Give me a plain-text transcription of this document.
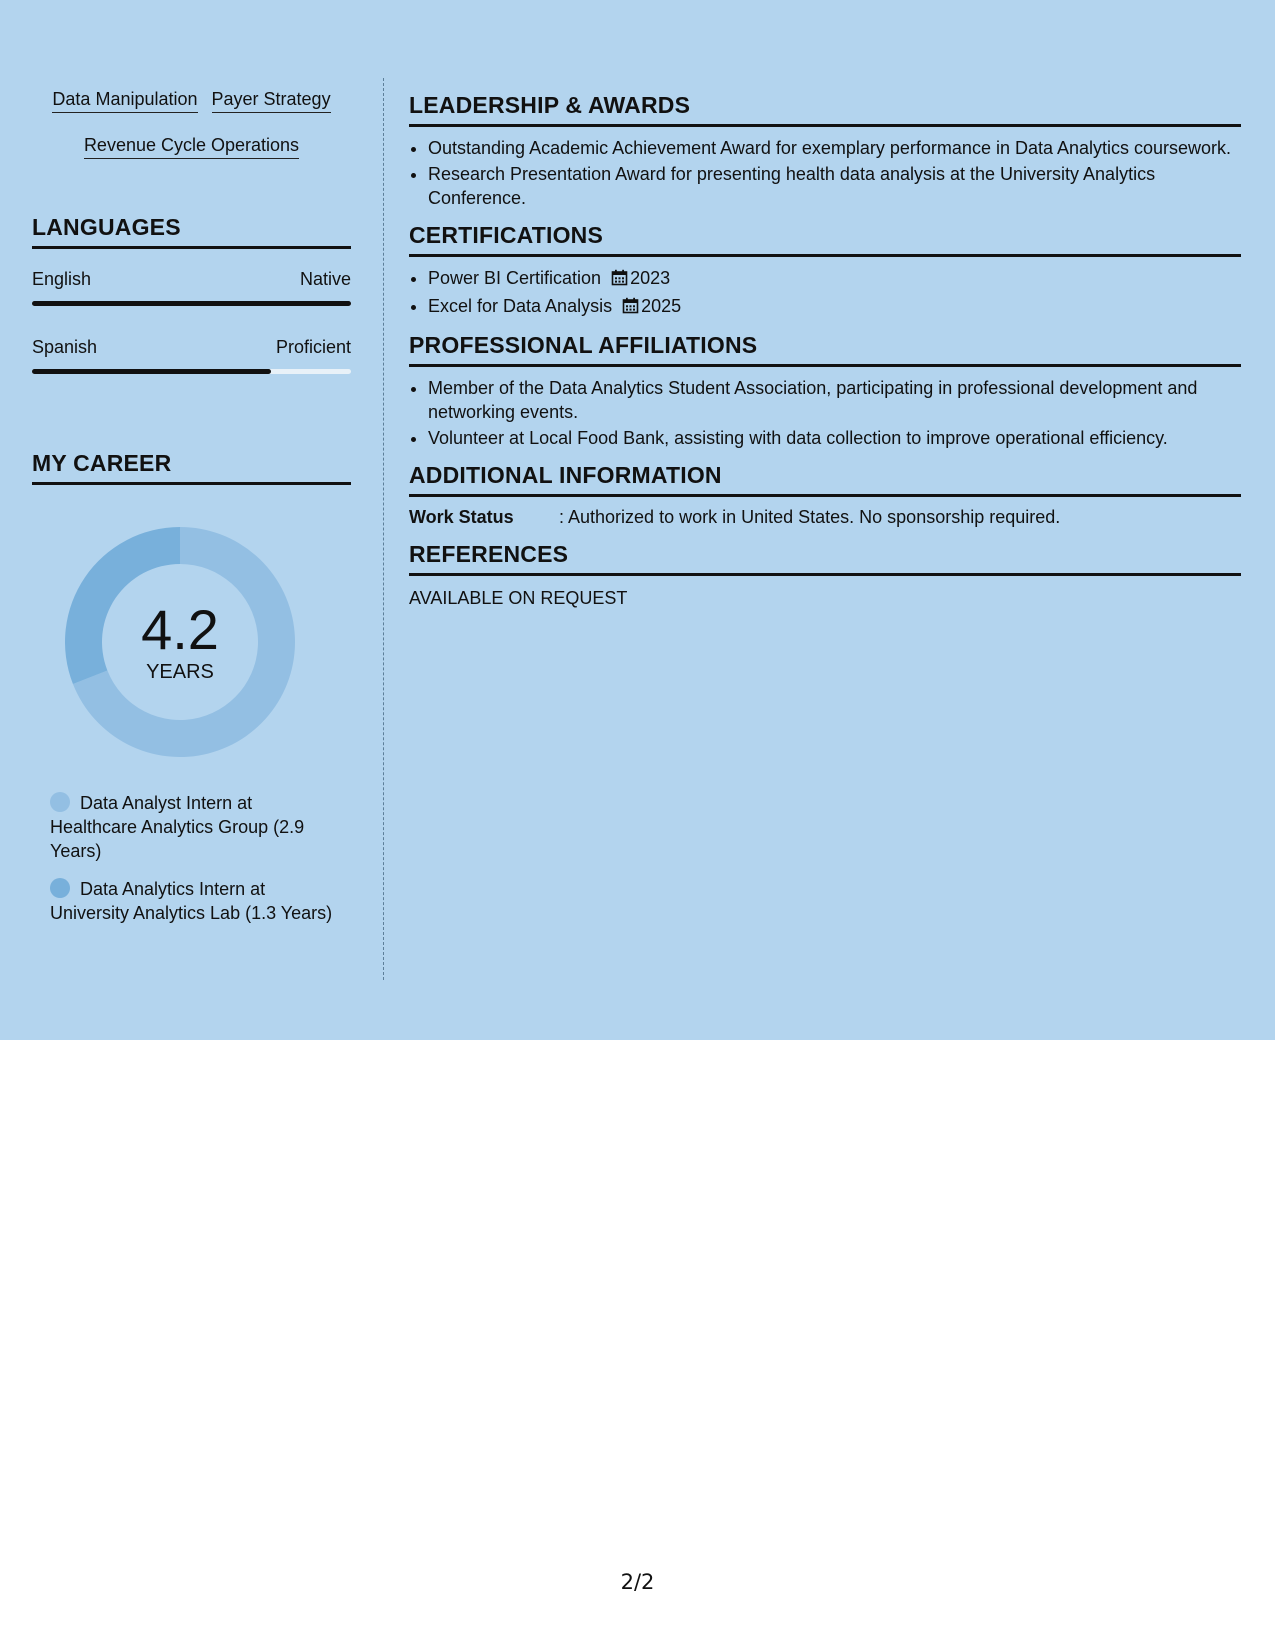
Data Manipulation Payer Strategy
Revenue Cycle Operations
LANGUAGES
English	Native
Spanish	Proficient
MY CAREER
4.2
YEARS
Data Analyst Intern at Healthcare Analytics Group (2.9 Years)
Data Analytics Intern at University Analytics Lab (1.3 Years)
LEADERSHIP & AWARDS
• Outstanding Academic Achievement Award for exemplary performance in Data Analytics coursework.
• Research Presentation Award for presenting health data analysis at the University Analytics Conference.
CERTIFICATIONS
• Power BI Certification 2023
• Excel for Data Analysis 2025
PROFESSIONAL AFFILIATIONS
• Member of the Data Analytics Student Association, participating in professional development and networking events.
• Volunteer at Local Food Bank, assisting with data collection to improve operational efficiency.
ADDITIONAL INFORMATION
Work Status	: Authorized to work in United States. No sponsorship required.
REFERENCES
AVAILABLE ON REQUEST
2/2
